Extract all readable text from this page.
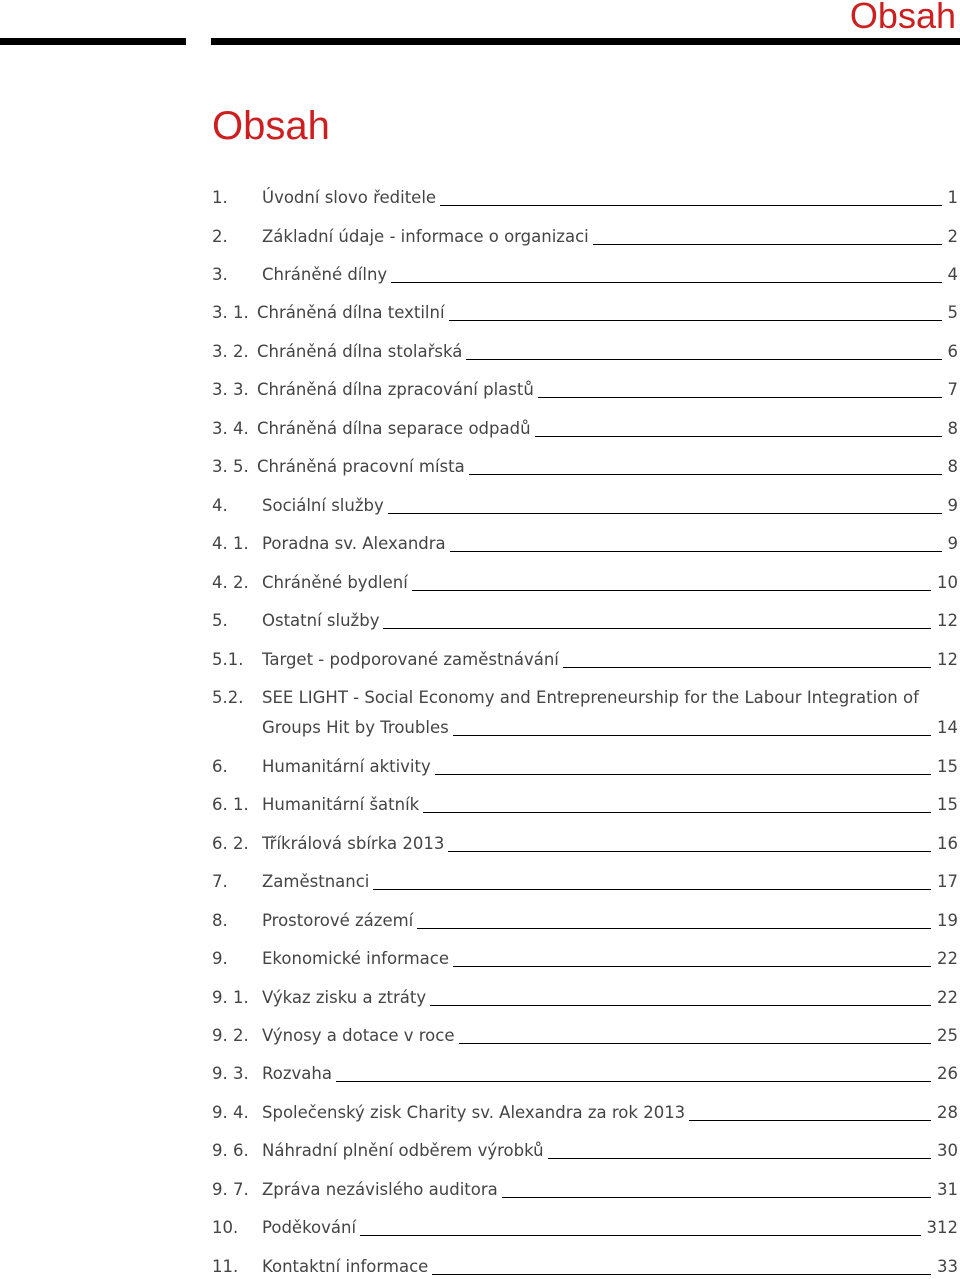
Obsah
Obsah
1. Úvodní slovo ředitele	1
2. Základní údaje - informace o organizaci	2
3. Chráněné dílny	4
3. 1. Chráněná dílna textilní	5
3. 2. Chráněná dílna stolařská	6
3. 3. Chráněná dílna zpracování plastů	7
3. 4. Chráněná dílna separace odpadů	8
3. 5. Chráněná pracovní místa	8
4. Sociální služby	9
4. 1. Poradna sv. Alexandra	9
4. 2. Chráněné bydlení	10
5. Ostatní služby	12
5.1. Target - podporované zaměstnávání	12
5.2. SEE LIGHT - Social Economy and Entrepreneurship for the Labour Integration of
Groups Hit by Troubles	14
6. Humanitární aktivity	15
6. 1. Humanitární šatník	15
6. 2. Tříkrálová sbírka 2013	16
7. Zaměstnanci	17
8. Prostorové zázemí	19
9. Ekonomické informace	22
9. 1. Výkaz zisku a ztráty	22
9. 2. Výnosy a dotace v roce	25
9. 3. Rozvaha	26
9. 4. Společenský zisk Charity sv. Alexandra za rok 2013	28
9. 6. Náhradní plnění odběrem výrobků	30
9. 7. Zpráva nezávislého auditora	31
10. Poděkování	312
11. Kontaktní informace	33
